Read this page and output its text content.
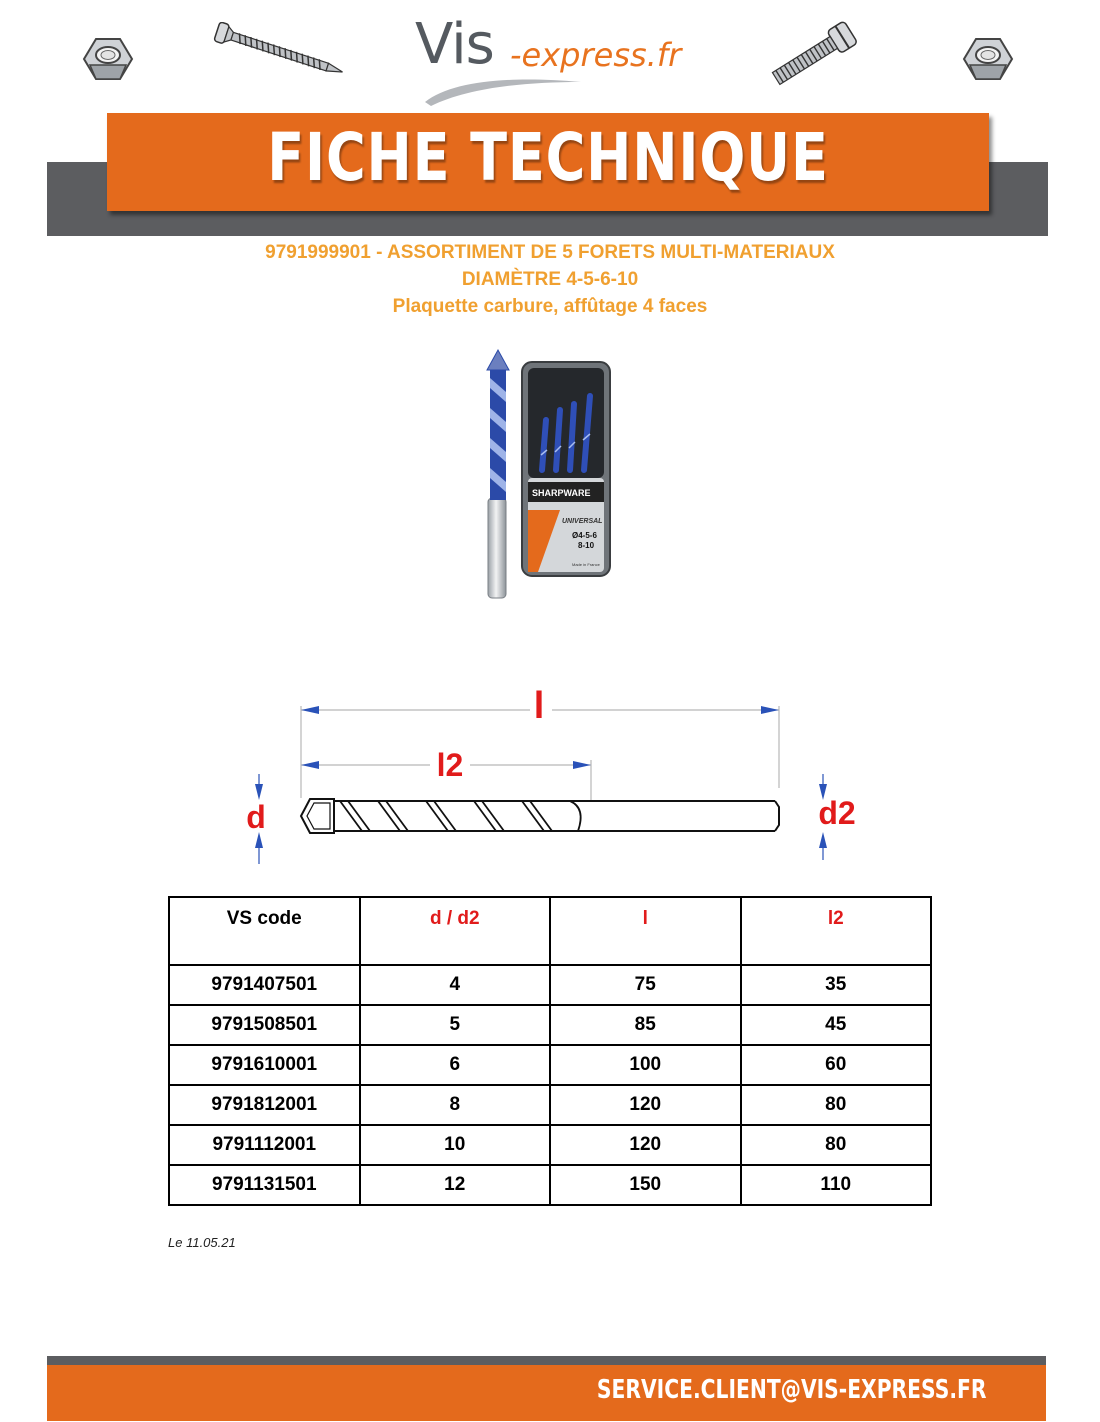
Vis -express.fr
FICHE TECHNIQUE
9791999901 - ASSORTIMENT DE 5 FORETS MULTI-MATERIAUX
DIAMÈTRE 4-5-6-10
Plaquette carbure, affûtage 4 faces
SHARPWARE
UNIVERSAL
Ø4-5-6
8-10
Made in France
l
l2
d	d2
VS code	d / d2	l	l2
9791407501	4	75	35
9791508501	5	85	45
9791610001	6	100	60
9791812001	8	120	80
9791112001	10	120	80
9791131501	12	150	110
Le 11.05.21
SERVICE.CLIENT@VIS-EXPRESS.FR
